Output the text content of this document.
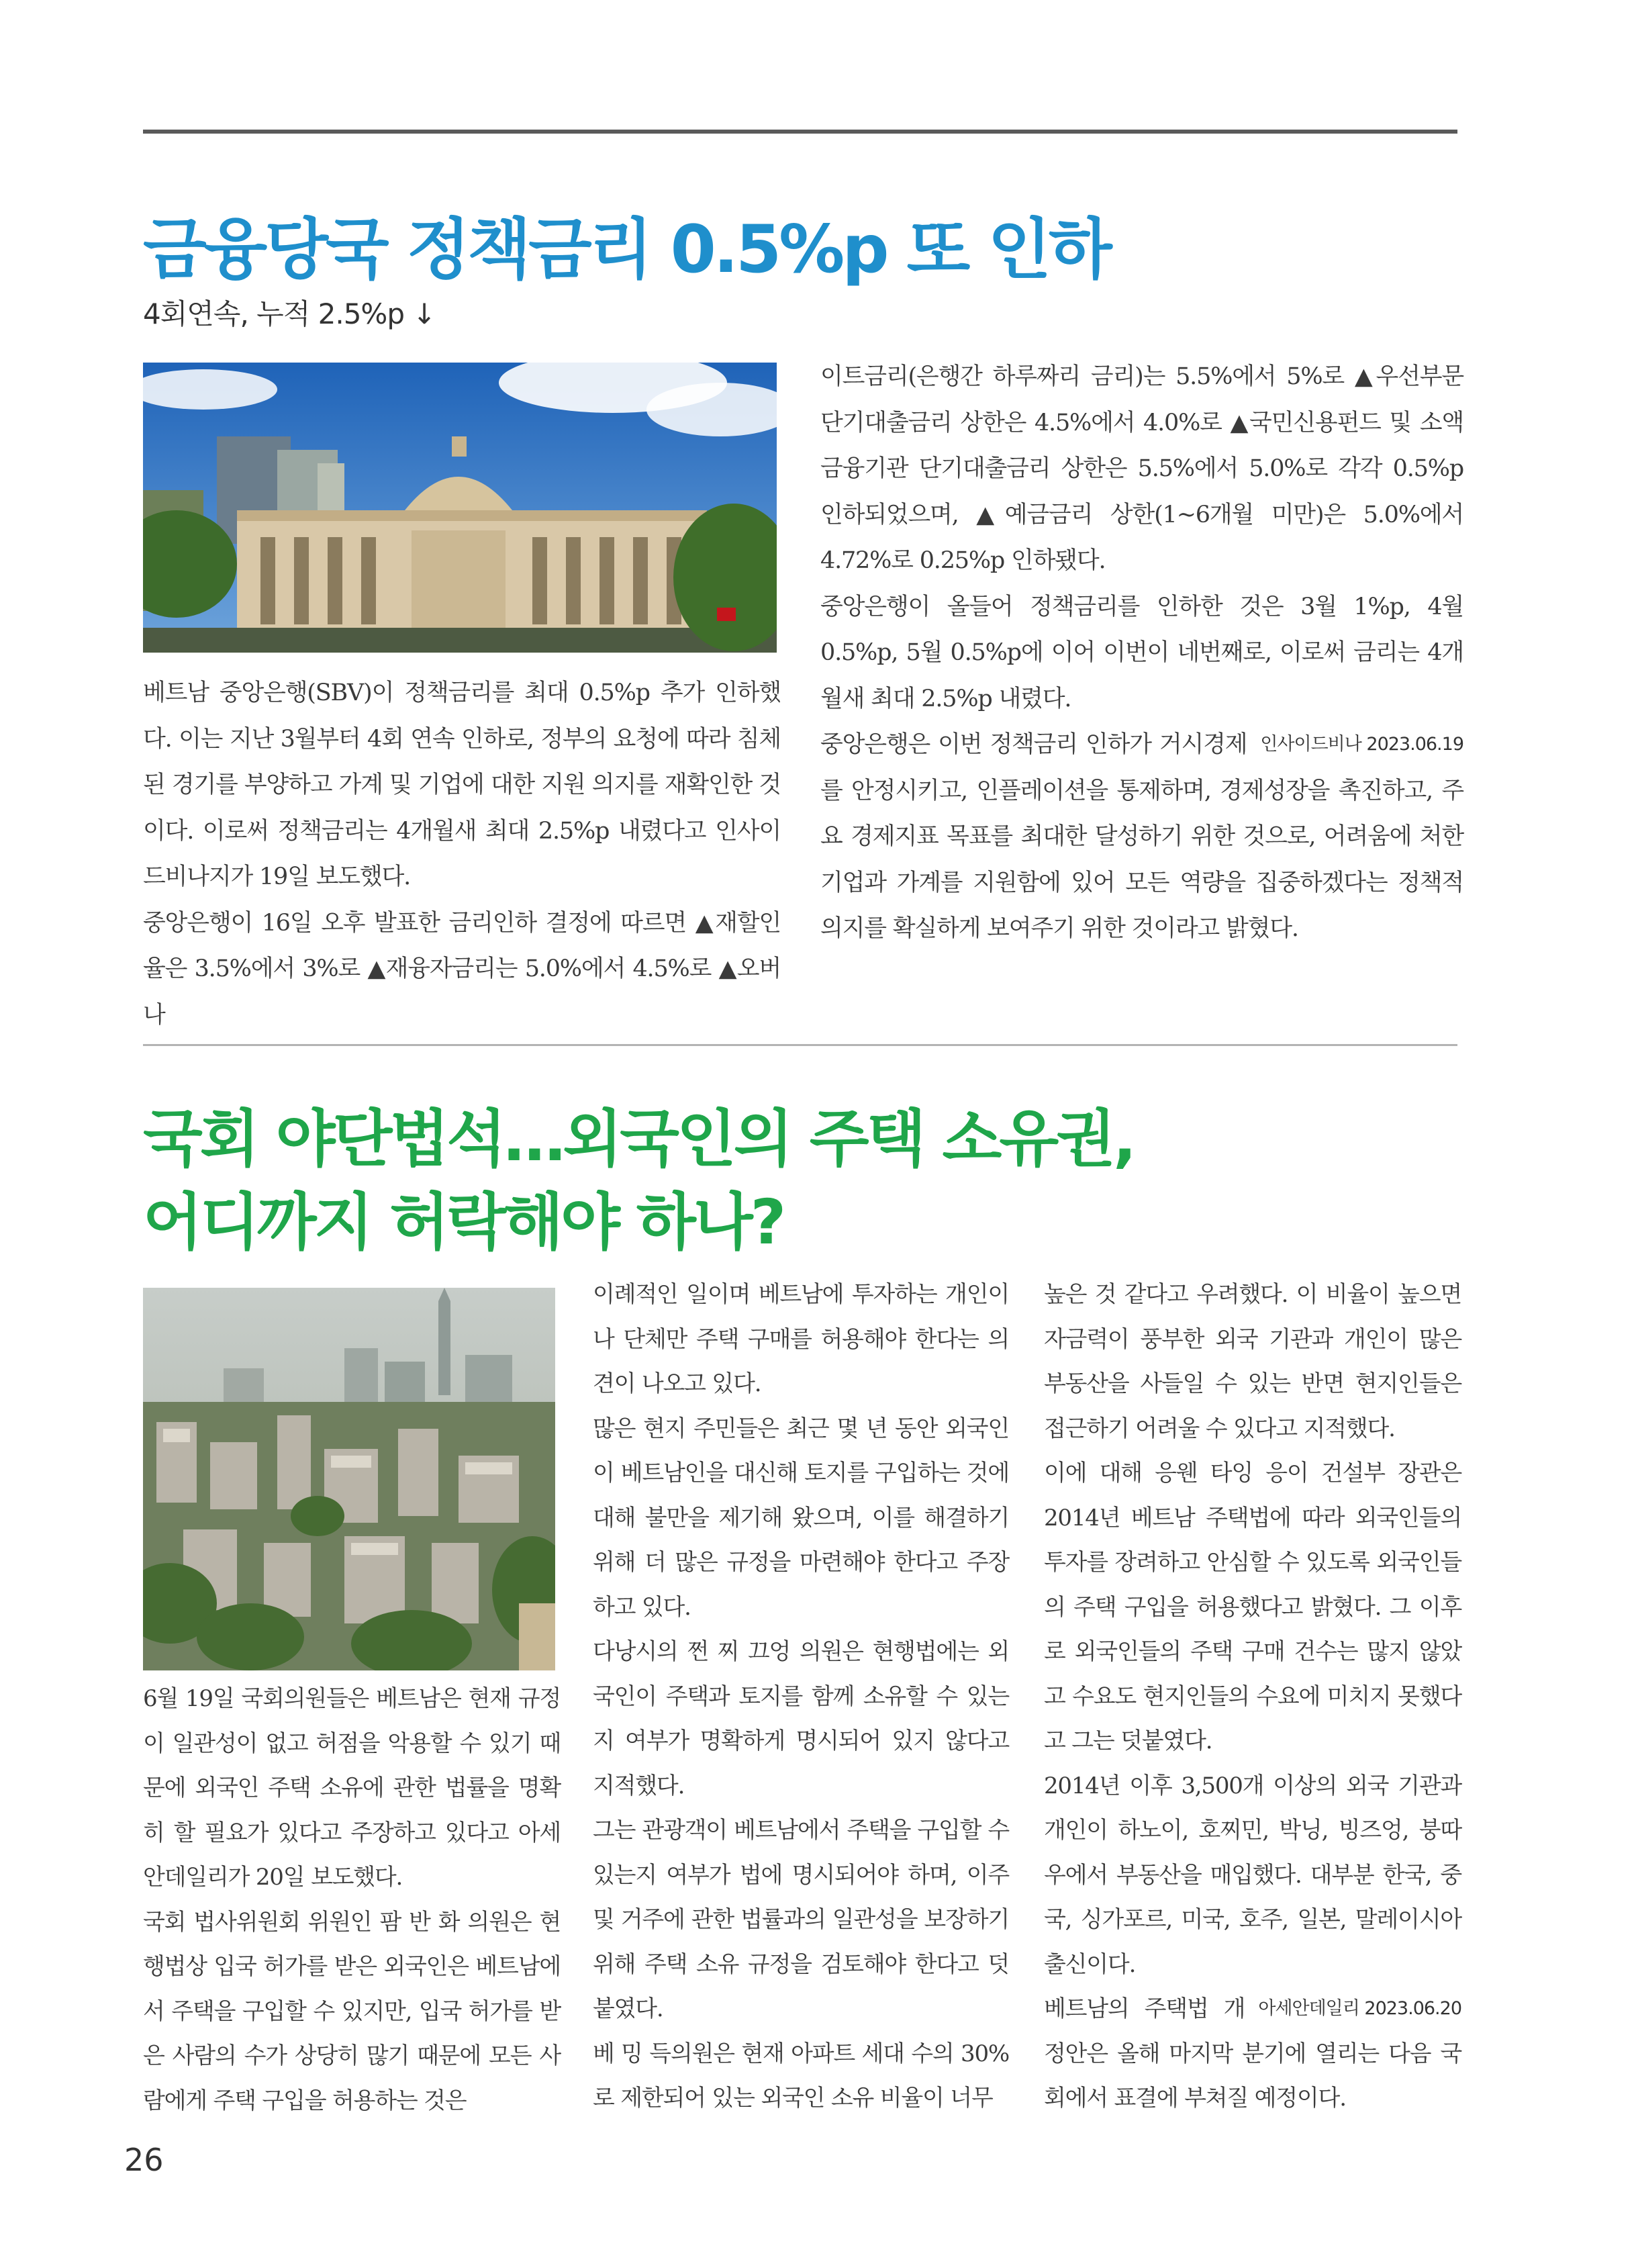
금융당국 정책금리 0.5%p 또 인하
4회연속, 누적 2.5%p ↓

베트남 중앙은행(SBV)이 정책금리를 최대 0.5%p 추가 인하했다. 이는 지난 3월부터 4회 연속 인하로, 정부의 요청에 따라 침체된 경기를 부양하고 가계 및 기업에 대한 지원 의지를 재확인한 것이다. 이로써 정책금리는 4개월새 최대 2.5%p 내렸다고 인사이드비나지가 19일 보도했다.

중앙은행이 16일 오후 발표한 금리인하 결정에 따르면 ▲재할인율은 3.5%에서 3%로 ▲재융자금리는 5.0%에서 4.5%로 ▲오버나

이트금리(은행간 하루짜리 금리)는 5.5%에서 5%로 ▲우선부문 단기대출금리 상한은 4.5%에서 4.0%로 ▲국민신용펀드 및 소액금융기관 단기대출금리 상한은 5.5%에서 5.0%로 각각 0.5%p 인하되었으며, ▲예금금리 상한(1~6개월 미만)은 5.0%에서 4.72%로 0.25%p 인하됐다.

중앙은행이 올들어 정책금리를 인하한 것은 3월 1%p, 4월 0.5%p, 5월 0.5%p에 이어 이번이 네번째로, 이로써 금리는 4개월새 최대 2.5%p 내렸다.

인사이드비나 2023.06.19
중앙은행은 이번 정책금리 인하가 거시경제를 안정시키고, 인플레이션을 통제하며, 경제성장을 촉진하고, 주요 경제지표 목표를 최대한 달성하기 위한 것으로, 어려움에 처한 기업과 가계를 지원함에 있어 모든 역량을 집중하겠다는 정책적 의지를 확실하게 보여주기 위한 것이라고 밝혔다.

국회 야단법석…외국인의 주택 소유권,
어디까지 허락해야 하나?

6월 19일 국회의원들은 베트남은 현재 규정이 일관성이 없고 허점을 악용할 수 있기 때문에 외국인 주택 소유에 관한 법률을 명확히 할 필요가 있다고 주장하고 있다고 아세안데일리가 20일 보도했다.

국회 법사위원회 위원인 팜 반 화 의원은 현행법상 입국 허가를 받은 외국인은 베트남에서 주택을 구입할 수 있지만, 입국 허가를 받은 사람의 수가 상당히 많기 때문에 모든 사람에게 주택 구입을 허용하는 것은

이례적인 일이며 베트남에 투자하는 개인이나 단체만 주택 구매를 허용해야 한다는 의견이 나오고 있다.

많은 현지 주민들은 최근 몇 년 동안 외국인이 베트남인을 대신해 토지를 구입하는 것에 대해 불만을 제기해 왔으며, 이를 해결하기 위해 더 많은 규정을 마련해야 한다고 주장하고 있다.

다낭시의 쩐 찌 끄엉 의원은 현행법에는 외국인이 주택과 토지를 함께 소유할 수 있는지 여부가 명확하게 명시되어 있지 않다고 지적했다.

그는 관광객이 베트남에서 주택을 구입할 수 있는지 여부가 법에 명시되어야 하며, 이주 및 거주에 관한 법률과의 일관성을 보장하기 위해 주택 소유 규정을 검토해야 한다고 덧붙였다.

베 밍 득의원은 현재 아파트 세대 수의 30%로 제한되어 있는 외국인 소유 비율이 너무

높은 것 같다고 우려했다. 이 비율이 높으면 자금력이 풍부한 외국 기관과 개인이 많은 부동산을 사들일 수 있는 반면 현지인들은 접근하기 어려울 수 있다고 지적했다.

이에 대해 응웬 타잉 응이 건설부 장관은 2014년 베트남 주택법에 따라 외국인들의 투자를 장려하고 안심할 수 있도록 외국인들의 주택 구입을 허용했다고 밝혔다. 그 이후로 외국인들의 주택 구매 건수는 많지 않았고 수요도 현지인들의 수요에 미치지 못했다고 그는 덧붙였다.

2014년 이후 3,500개 이상의 외국 기관과 개인이 하노이, 호찌민, 박닝, 빙즈엉, 붕따우에서 부동산을 매입했다. 대부분 한국, 중국, 싱가포르, 미국, 호주, 일본, 말레이시아 출신이다.

아세안데일리 2023.06.20
베트남의 주택법 개정안은 올해 마지막 분기에 열리는 다음 국회에서 표결에 부쳐질 예정이다.

26
